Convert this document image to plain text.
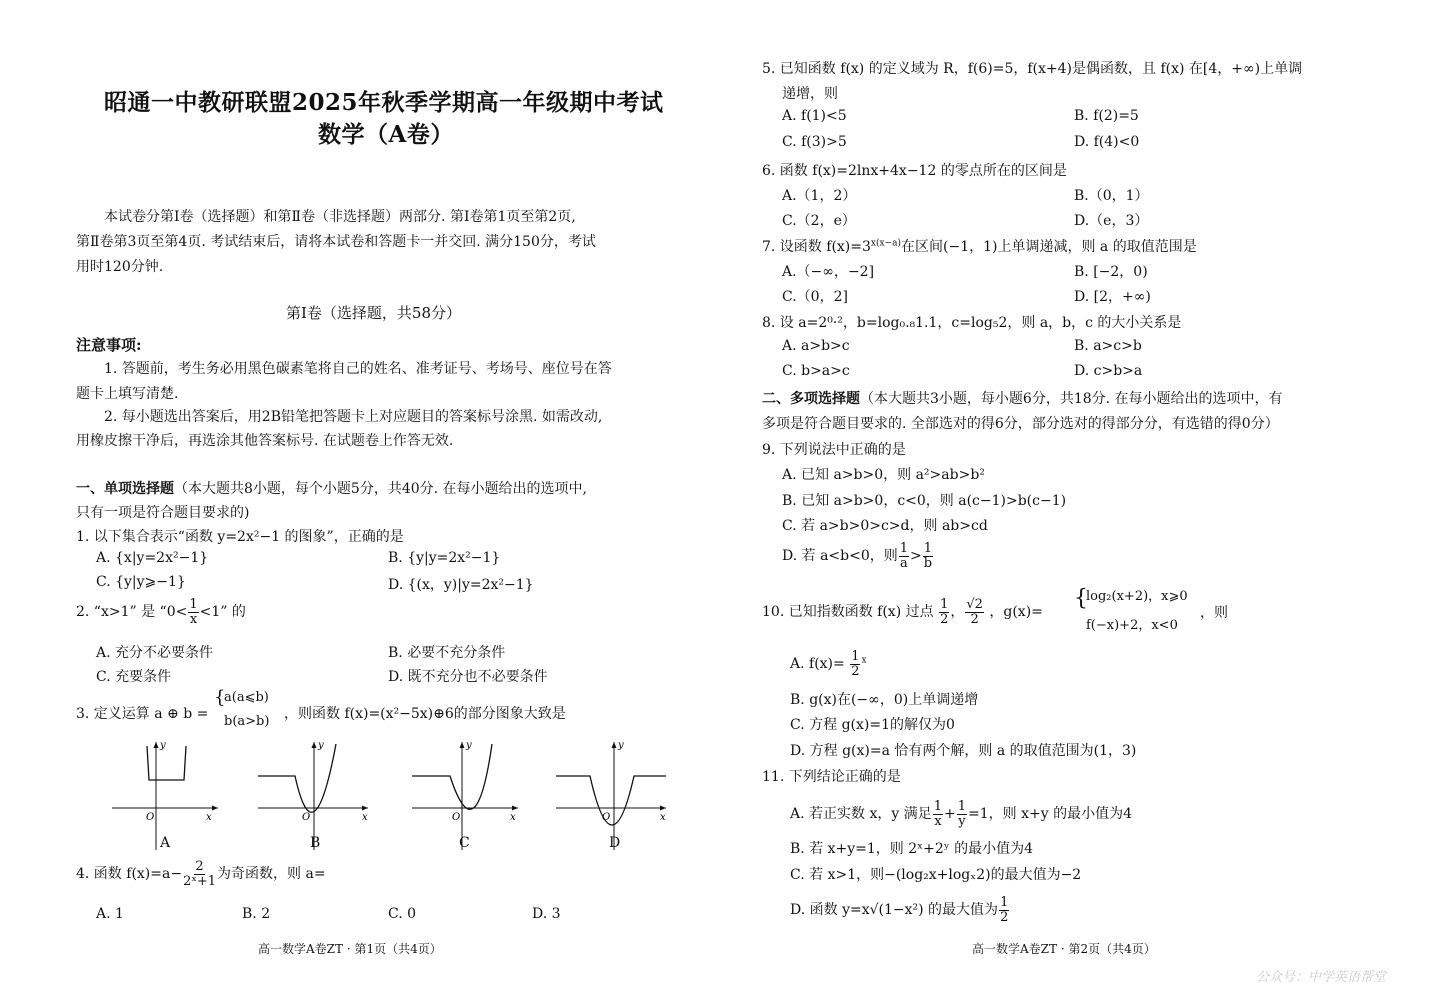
昭通一中教研联盟2025年秋季学期高一年级期中考试
数学（A卷）
本试卷分第Ⅰ卷（选择题）和第Ⅱ卷（非选择题）两部分. 第Ⅰ卷第1页至第2页,
第Ⅱ卷第3页至第4页. 考试结束后，请将本试卷和答题卡一并交回. 满分150分，考试
用时120分钟.
第Ⅰ卷（选择题，共58分）
注意事项:
1. 答题前，考生务必用黑色碳素笔将自己的姓名、准考证号、考场号、座位号在答
题卡上填写清楚.
2. 每小题选出答案后，用2B铅笔把答题卡上对应题目的答案标号涂黑. 如需改动,
用橡皮擦干净后，再选涂其他答案标号. 在试题卷上作答无效.
一、单项选择题（本大题共8小题，每个小题5分，共40分. 在每小题给出的选项中,
只有一项是符合题目要求的)
1. 以下集合表示“函数 y=2x²−1 的图象”，正确的是
A. {x|y=2x²−1}	B. {y|y=2x²−1}
C. {y|y⩾−1}	D. {(x，y)|y=2x²−1}
2. “x>1” 是 “$0< \frac{1}{x} <1$” 的
A. 充分不必要条件	B. 必要不充分条件
C. 充要条件	D. 既不充分也不必要条件
3. 定义运算 a ⊕ b =
{
a(a⩽b)
b(a>b) ，则函数 f(x)=(x²−5x)⊕6的部分图象大致是
y
x
O
y
x
O
y
x
O
y
x
O
A	B	C	D
4. 函数 $f(x)=a- \frac{2}{\text{2ˣ+1}}$ 为奇函数，则 a=
A. 1	B. 2	C. 0	D. 3
高一数学A卷ZT · 第1页（共4页）
5. 已知函数 f(x) 的定义域为 R，f(6)=5，f(x+4)是偶函数，且 f(x) 在[4，+∞)上单调
递增，则
A. f(1)<5	B. f(2)=5
C. f(3)>5	D. f(4)<0
6. 函数 f(x)=2lnx+4x−12 的零点所在的区间是
A.（1，2）	B.（0，1）
C.（2，e）	D.（e，3）
7. 设函数 $f(x)=3^{x(x-a)}$在区间(−1，1)上单调递减，则 a 的取值范围是
A.（−∞，−2]	B. [−2，0)
C.（0，2]	D. [2，+∞)
8. 设 a=2⁰·²，b=log₀.₈1.1，c=log₅2，则 a，b，c 的大小关系是
A. a>b>c	B. a>c>b
C. b>a>c	D. c>b>a
二、多项选择题（本大题共3小题，每小题6分，共18分. 在每小题给出的选项中，有
多项是符合题目要求的. 全部选对的得6分，部分选对的得部分分，有选错的得0分）
9. 下列说法中正确的是
A. 已知 a>b>0，则 a²>ab>b²
B. 已知 a>b>0，c<0，则 a(c−1)>b(c−1)
C. 若 a>b>0>c>d，则 ab>cd
D. 若 a<b<0，则 $\frac{1}{a} > \frac{1}{b}$
10. 已知指数函数 f(x) 过点 $\frac{1}{2}$ ， $\frac{√2}{2}$ ，g(x)=
{
log₂(x+2)，x⩾0
f(−x)+2，x<0
，则
A. $f(x)= \frac{1}{2} ^x$
B. g(x)在(−∞，0)上单调递增
C. 方程 g(x)=1的解仅为0
D. 方程 g(x)=a 恰有两个解，则 a 的取值范围为(1，3)
11. 下列结论正确的是
A. 若正实数 x，y 满足 $\frac{1}{x} + \frac{1}{y} =1$，则 x+y 的最小值为4
B. 若 x+y=1，则 2ˣ+2ʸ 的最小值为4
C. 若 x>1，则−(log₂x+logₓ2)的最大值为−2
D. 函数 y=x√(1−x²) 的最大值为 $\frac{1}{2}$
高一数学A卷ZT · 第2页（共4页）
公众号：中学英语帮堂
